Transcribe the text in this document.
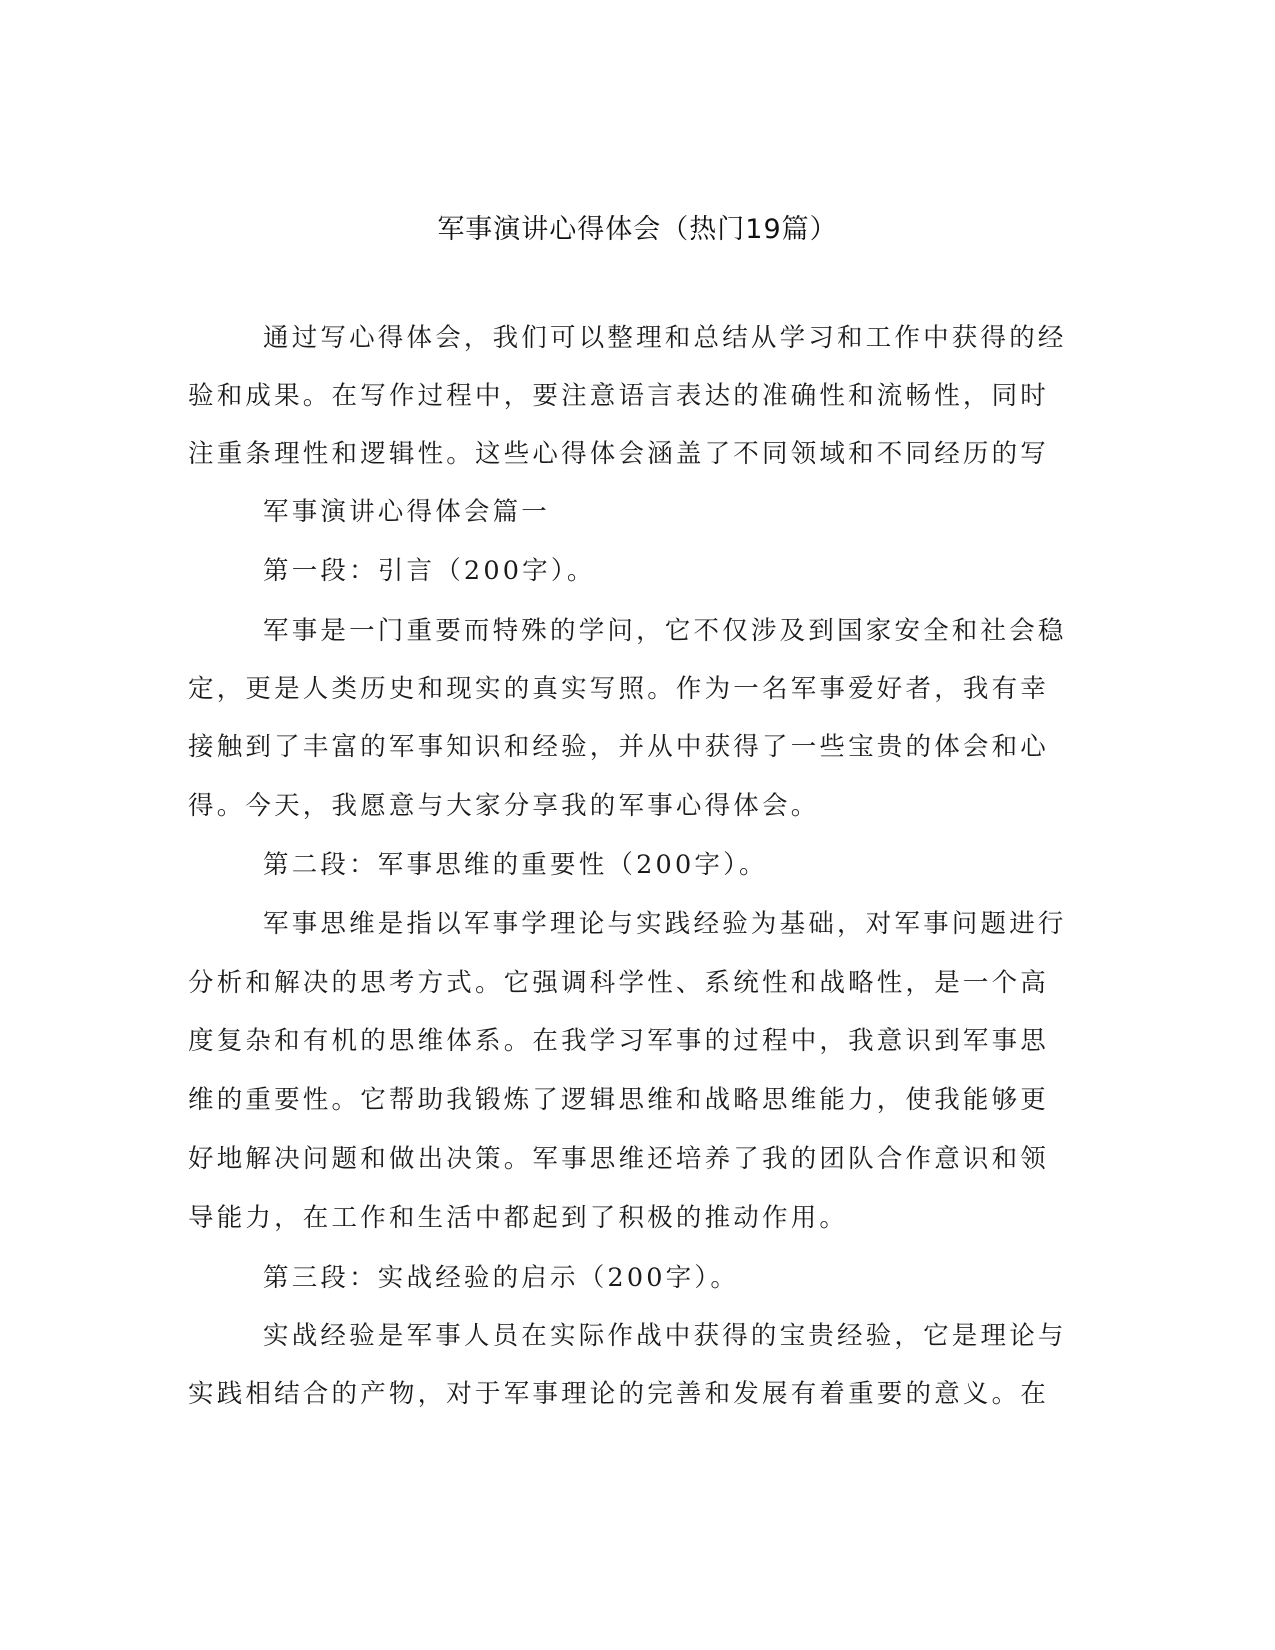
军事演讲心得体会（热门19篇）
通过写心得体会，我们可以整理和总结从学习和工作中获得的经
验和成果。在写作过程中，要注意语言表达的准确性和流畅性，同时
注重条理性和逻辑性。这些心得体会涵盖了不同领域和不同经历的写
军事演讲心得体会篇一
第一段：引言（200字）。
军事是一门重要而特殊的学问，它不仅涉及到国家安全和社会稳
定，更是人类历史和现实的真实写照。作为一名军事爱好者，我有幸
接触到了丰富的军事知识和经验，并从中获得了一些宝贵的体会和心
得。今天，我愿意与大家分享我的军事心得体会。
第二段：军事思维的重要性（200字）。
军事思维是指以军事学理论与实践经验为基础，对军事问题进行
分析和解决的思考方式。它强调科学性、系统性和战略性，是一个高
度复杂和有机的思维体系。在我学习军事的过程中，我意识到军事思
维的重要性。它帮助我锻炼了逻辑思维和战略思维能力，使我能够更
好地解决问题和做出决策。军事思维还培养了我的团队合作意识和领
导能力，在工作和生活中都起到了积极的推动作用。
第三段：实战经验的启示（200字）。
实战经验是军事人员在实际作战中获得的宝贵经验，它是理论与
实践相结合的产物，对于军事理论的完善和发展有着重要的意义。在
